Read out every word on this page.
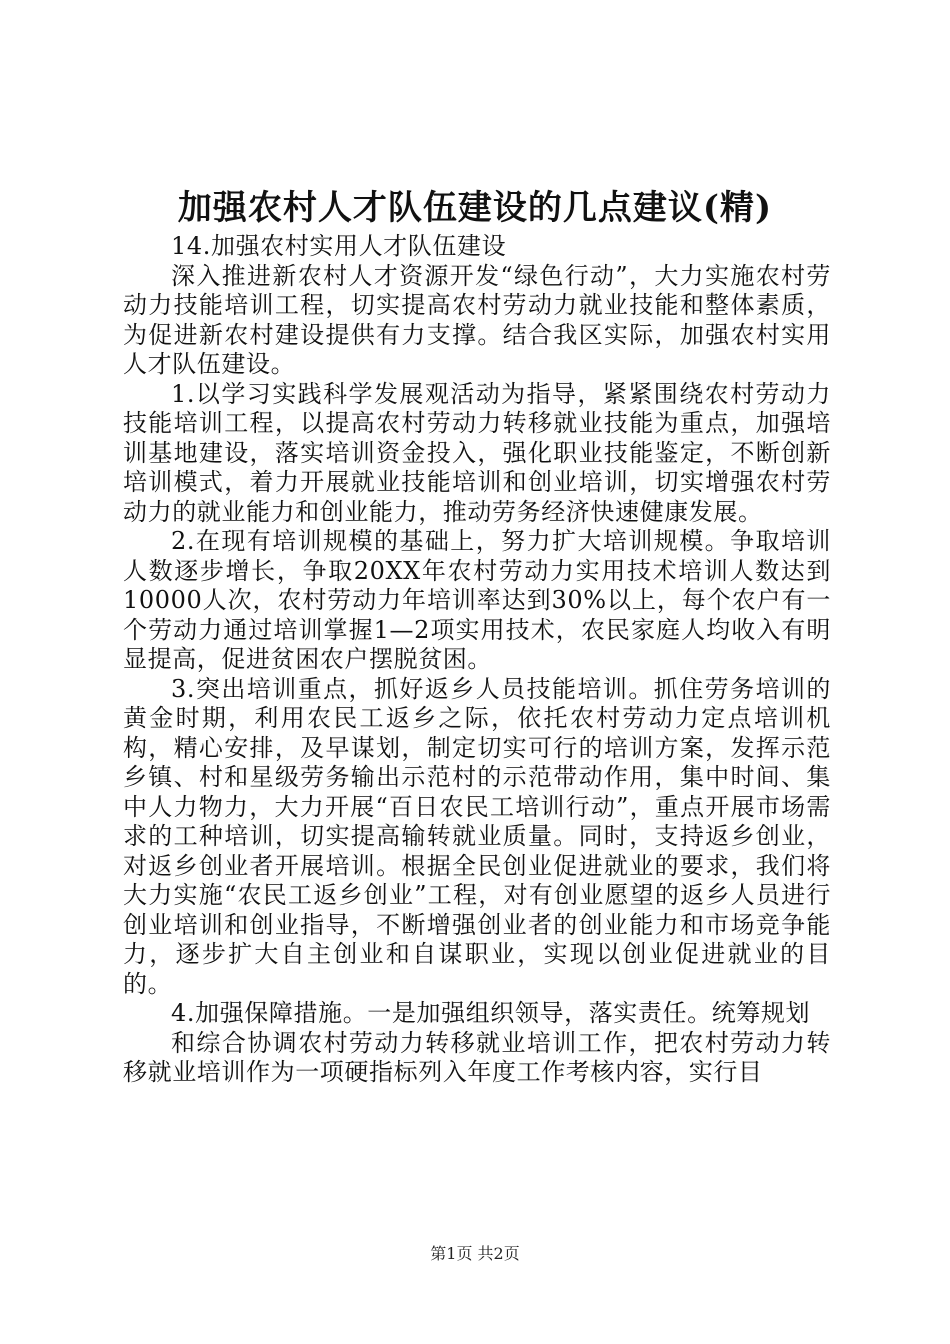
加强农村人才队伍建设的几点建议(精)

14.加强农村实用人才队伍建设

深入推进新农村人才资源开发“绿色行动”，大力实施农村劳动力技能培训工程，切实提高农村劳动力就业技能和整体素质，为促进新农村建设提供有力支撑。结合我区实际，加强农村实用人才队伍建设。

1.以学习实践科学发展观活动为指导，紧紧围绕农村劳动力技能培训工程，以提高农村劳动力转移就业技能为重点，加强培训基地建设，落实培训资金投入，强化职业技能鉴定，不断创新培训模式，着力开展就业技能培训和创业培训，切实增强农村劳动力的就业能力和创业能力，推动劳务经济快速健康发展。

2.在现有培训规模的基础上，努力扩大培训规模。争取培训人数逐步增长，争取20XX年农村劳动力实用技术培训人数达到10000人次，农村劳动力年培训率达到30%以上，每个农户有一个劳动力通过培训掌握1—2项实用技术，农民家庭人均收入有明显提高，促进贫困农户摆脱贫困。

3.突出培训重点，抓好返乡人员技能培训。抓住劳务培训的黄金时期，利用农民工返乡之际，依托农村劳动力定点培训机构，精心安排，及早谋划，制定切实可行的培训方案，发挥示范乡镇、村和星级劳务输出示范村的示范带动作用，集中时间、集中人力物力，大力开展“百日农民工培训行动”，重点开展市场需求的工种培训，切实提高输转就业质量。同时，支持返乡创业，对返乡创业者开展培训。根据全民创业促进就业的要求，我们将大力实施“农民工返乡创业”工程，对有创业愿望的返乡人员进行创业培训和创业指导，不断增强创业者的创业能力和市场竞争能力，逐步扩大自主创业和自谋职业，实现以创业促进就业的目的。

4.加强保障措施。一是加强组织领导，落实责任。统筹规划

和综合协调农村劳动力转移就业培训工作，把农村劳动力转移就业培训作为一项硬指标列入年度工作考核内容，实行目

第1页 共2页
